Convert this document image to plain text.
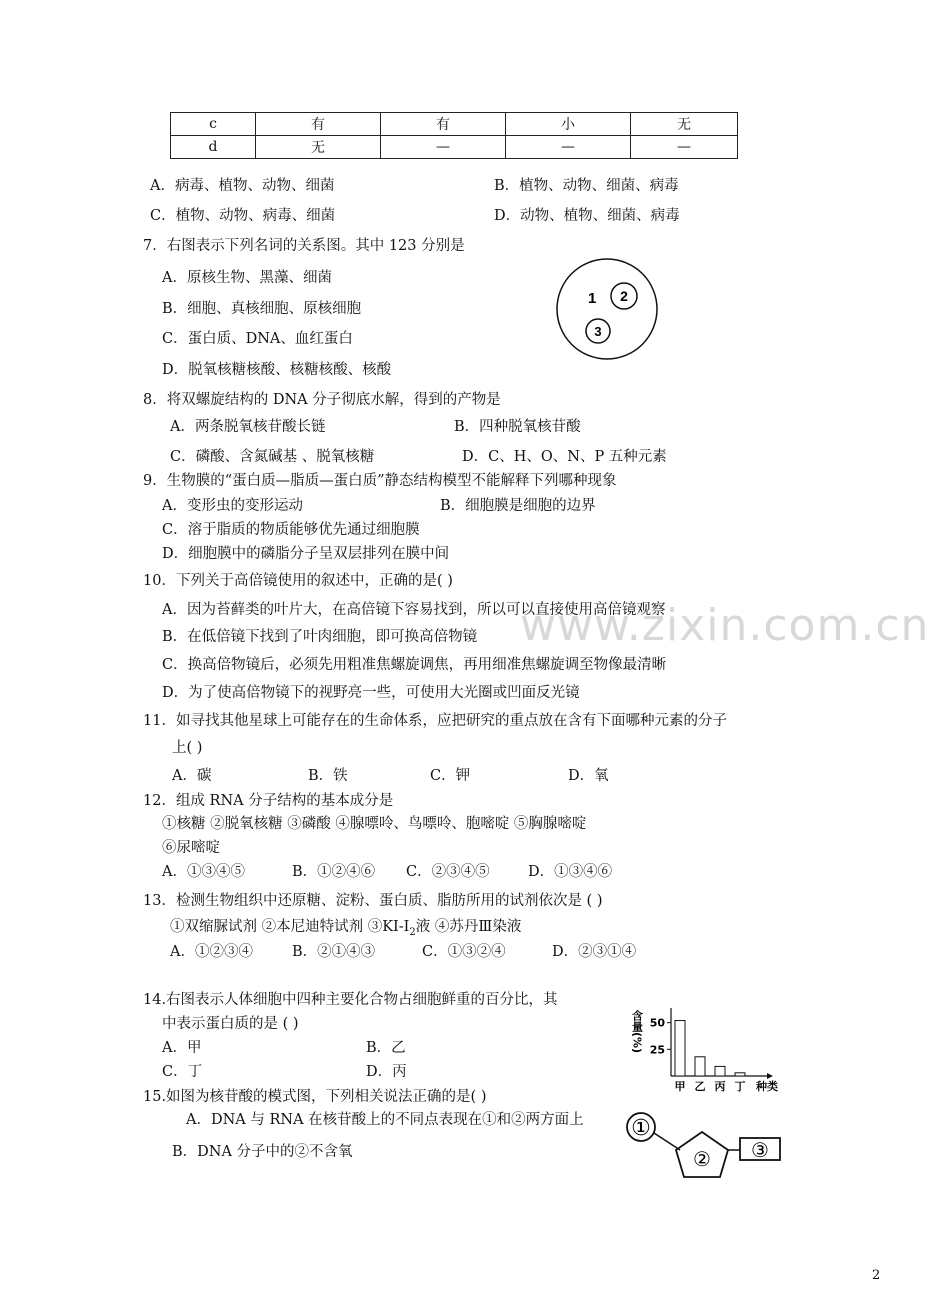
c	有	有	小	无
d	无	—	—	—
A．病毒、植物、动物、细菌	B．植物、动物、细菌、病毒
C．植物、动物、病毒、细菌	D．动物、植物、细菌、病毒
7．右图表示下列名词的关系图。其中 123 分别是
A．原核生物、黑藻、细菌
B．细胞、真核细胞、原核细胞
C．蛋白质、DNA、血红蛋白
D．脱氧核糖核酸、核糖核酸、核酸
1 2
3
8．将双螺旋结构的 DNA 分子彻底水解，得到的产物是
A．两条脱氧核苷酸长链	B．四种脱氧核苷酸
C．磷酸、含氮碱基 、脱氧核糖	D．C、H、O、N、P 五种元素
9．生物膜的“蛋白质—脂质—蛋白质”静态结构模型不能解释下列哪种现象
A．变形虫的变形运动	B．细胞膜是细胞的边界
C．溶于脂质的物质能够优先通过细胞膜
D．细胞膜中的磷脂分子呈双层排列在膜中间
www.zixin.com.cn
10．下列关于高倍镜使用的叙述中，正确的是( )
A．因为苔藓类的叶片大，在高倍镜下容易找到，所以可以直接使用高倍镜观察
B．在低倍镜下找到了叶肉细胞，即可换高倍物镜
C．换高倍物镜后，必须先用粗准焦螺旋调焦，再用细准焦螺旋调至物像最清晰
D．为了使高倍物镜下的视野亮一些，可使用大光圈或凹面反光镜
11．如寻找其他星球上可能存在的生命体系，应把研究的重点放在含有下面哪种元素的分子
上( )
A．碳	B．铁	C．钾	D．氧
12．组成 RNA 分子结构的基本成分是
①核糖 ②脱氧核糖 ③磷酸 ④腺嘌呤、鸟嘌呤、胞嘧啶 ⑤胸腺嘧啶
⑥尿嘧啶
A．①③④⑤	B．①②④⑥ C．②③④⑤	D．①③④⑥
13．检测生物组织中还原糖、淀粉、蛋白质、脂肪所用的试剂依次是 ( )
①双缩脲试剂 ②本尼迪特试剂 ③KI-$I_2$液 ④苏丹Ⅲ染液
A．①②③④	B．②①④③	C．①③②④	D．②③①④
14.右图表示人体细胞中四种主要化合物占细胞鲜重的百分比，其
中表示蛋白质的是 ( )
A．甲	B．乙
C．丁	D．丙
含量(%) 25
50
甲 乙 丙 丁 种类
15.如图为核苷酸的模式图，下列相关说法正确的是( )
A．DNA 与 RNA 在核苷酸上的不同点表现在①和②两方面上
B．DNA 分子中的②不含氧
①
② ③
2
